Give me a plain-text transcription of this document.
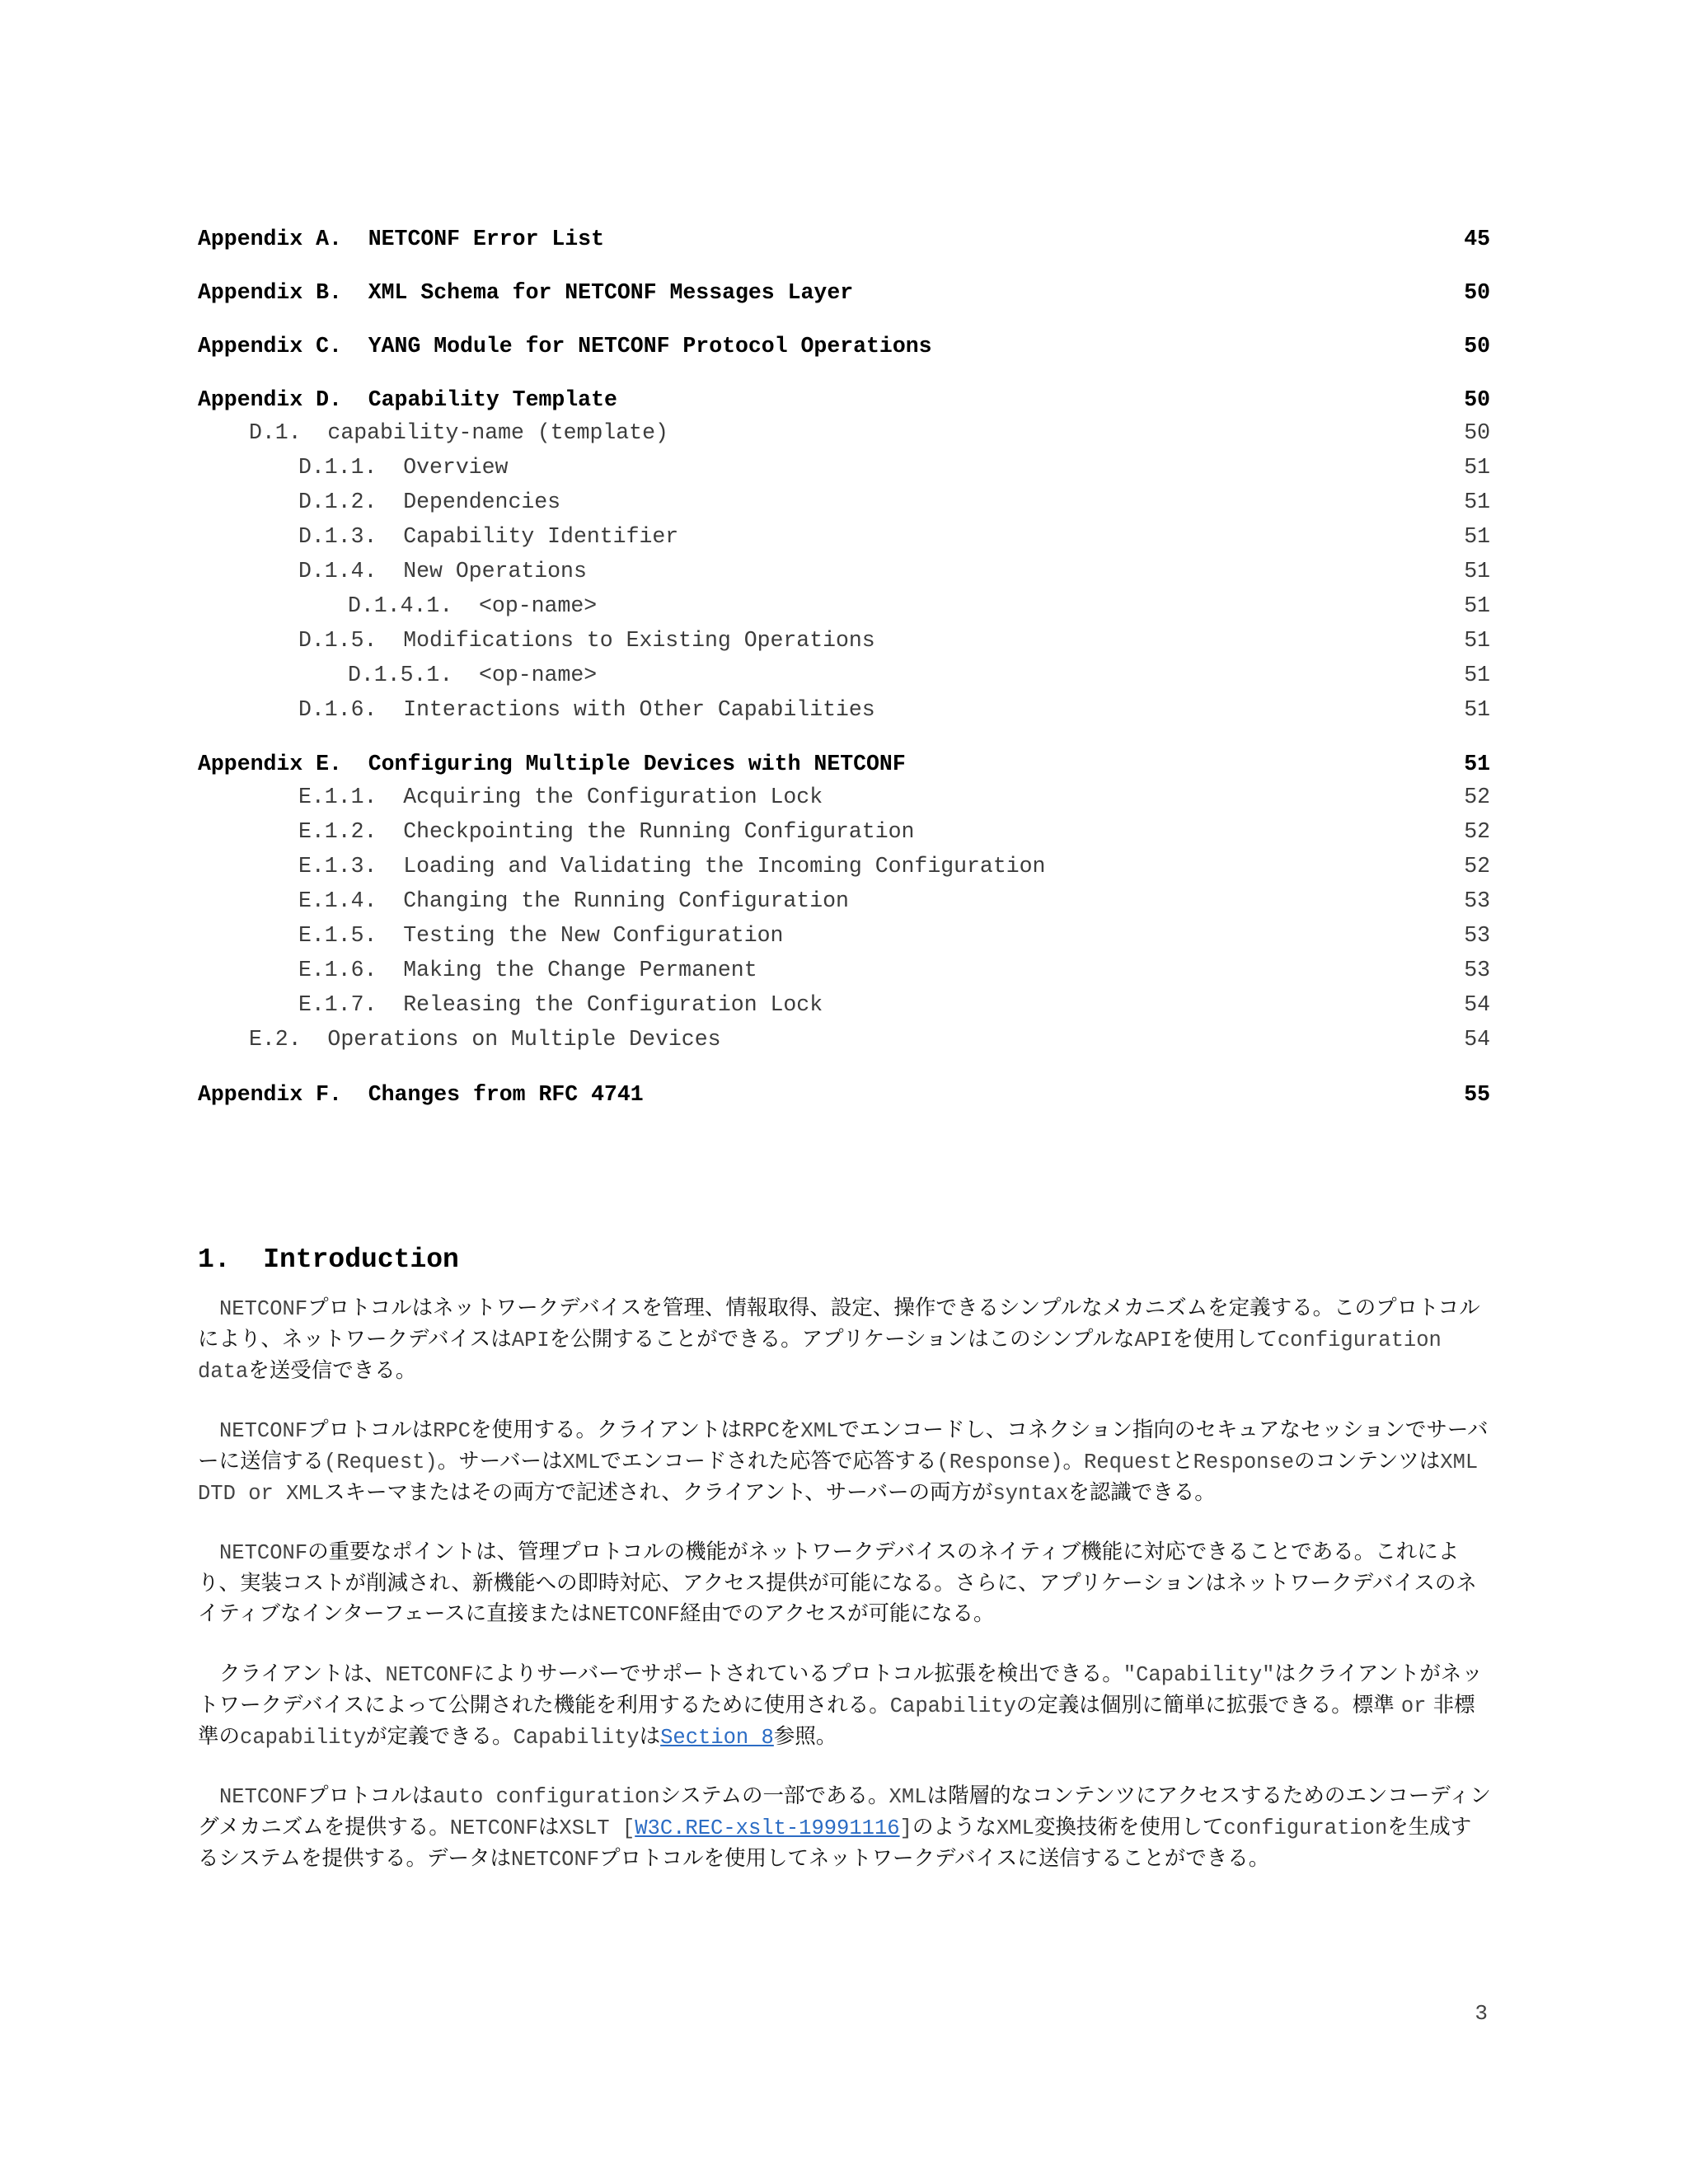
Appendix A.  NETCONF Error List	45
Appendix B.  XML Schema for NETCONF Messages Layer	50
Appendix C.  YANG Module for NETCONF Protocol Operations	50
Appendix D.  Capability Template	50
D.1.  capability-name (template)	50
D.1.1.  Overview	51
D.1.2.  Dependencies	51
D.1.3.  Capability Identifier	51
D.1.4.  New Operations	51
D.1.4.1.  <op-name>	51
D.1.5.  Modifications to Existing Operations	51
D.1.5.1.  <op-name>	51
D.1.6.  Interactions with Other Capabilities	51
Appendix E.  Configuring Multiple Devices with NETCONF	51
E.1.1.  Acquiring the Configuration Lock	52
E.1.2.  Checkpointing the Running Configuration	52
E.1.3.  Loading and Validating the Incoming Configuration	52
E.1.4.  Changing the Running Configuration	53
E.1.5.  Testing the New Configuration	53
E.1.6.  Making the Change Permanent	53
E.1.7.  Releasing the Configuration Lock	54
E.2.  Operations on Multiple Devices	54
Appendix F.  Changes from RFC 4741	55
1.  Introduction
NETCONFプロトコルはネットワークデバイスを管理、情報取得、設定、操作できるシンプルなメカニズムを定義する。このプロトコルにより、ネットワークデバイスはAPIを公開することができる。アプリケーションはこのシンプルなAPIを使用してconfiguration dataを送受信できる。
NETCONFプロトコルはRPCを使用する。クライアントはRPCをXMLでエンコードし、コネクション指向のセキュアなセッションでサーバーに送信する(Request)。サーバーはXMLでエンコードされた応答で応答する(Response)。RequestとResponseのコンテンツはXML DTD or XMLスキーマまたはその両方で記述され、クライアント、サーバーの両方がsyntaxを認識できる。
NETCONFの重要なポイントは、管理プロトコルの機能がネットワークデバイスのネイティブ機能に対応できることである。これにより、実装コストが削減され、新機能への即時対応、アクセス提供が可能になる。さらに、アプリケーションはネットワークデバイスのネイティブなインターフェースに直接またはNETCONF経由でのアクセスが可能になる。
クライアントは、NETCONFによりサーバーでサポートされているプロトコル拡張を検出できる。"Capability"はクライアントがネットワークデバイスによって公開された機能を利用するために使用される。Capabilityの定義は個別に簡単に拡張できる。標準 or 非標準のcapabilityが定義できる。CapabilityはSection 8参照。
NETCONFプロトコルはauto configurationシステムの一部である。XMLは階層的なコンテンツにアクセスするためのエンコーディングメカニズムを提供する。NETCONFはXSLT [W3C.REC-xslt-19991116]のようなXML変換技術を使用してconfigurationを生成するシステムを提供する。データはNETCONFプロトコルを使用してネットワークデバイスに送信することができる。
3
